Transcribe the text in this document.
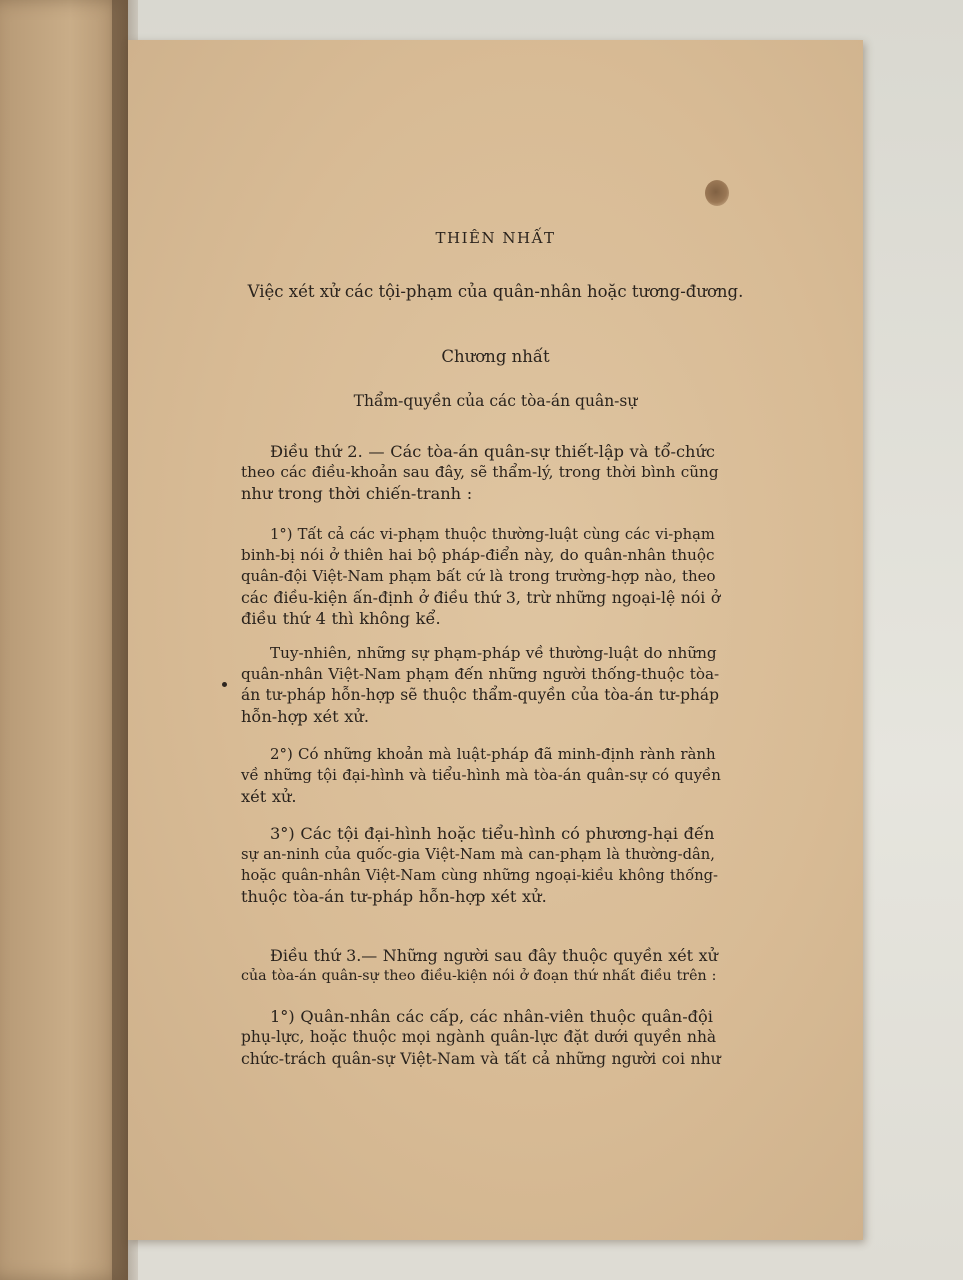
THIÊN NHẤT

Việc xét xử các tội-phạm của quân-nhân hoặc tương-đương.

Chương nhất

Thẩm-quyền của các tòa-án quân-sự

Điều thứ 2. — Các tòa-án quân-sự thiết-lập và tổ-chức
theo các điều-khoản sau đây, sẽ thẩm-lý, trong thời bình cũng
như trong thời chiến-tranh :
1°) Tất cả các vi-phạm thuộc thường-luật cùng các vi-phạm
binh-bị nói ở thiên hai bộ pháp-điển này, do quân-nhân thuộc
quân-đội Việt-Nam phạm bất cứ là trong trường-hợp nào, theo
các điều-kiện ấn-định ở điều thứ 3, trừ những ngoại-lệ nói ở
điều thứ 4 thì không kể.
Tuy-nhiên, những sự phạm-pháp về thường-luật do những
quân-nhân Việt-Nam phạm đến những người thống-thuộc tòa-
án tư-pháp hỗn-hợp sẽ thuộc thẩm-quyền của tòa-án tư-pháp
hỗn-hợp xét xử.
2°) Có những khoản mà luật-pháp đã minh-định rành rành
về những tội đại-hình và tiểu-hình mà tòa-án quân-sự có quyền
xét xử.
3°) Các tội đại-hình hoặc tiểu-hình có phương-hại đến
sự an-ninh của quốc-gia Việt-Nam mà can-phạm là thường-dân,
hoặc quân-nhân Việt-Nam cùng những ngoại-kiều không thống-
thuộc tòa-án tư-pháp hỗn-hợp xét xử.
Điều thứ 3.— Những người sau đây thuộc quyền xét xử
của tòa-án quân-sự theo điều-kiện nói ở đoạn thứ nhất điều trên :
1°) Quân-nhân các cấp, các nhân-viên thuộc quân-đội
phụ-lực, hoặc thuộc mọi ngành quân-lực đặt dưới quyền nhà
chức-trách quân-sự Việt-Nam và tất cả những người coi như
